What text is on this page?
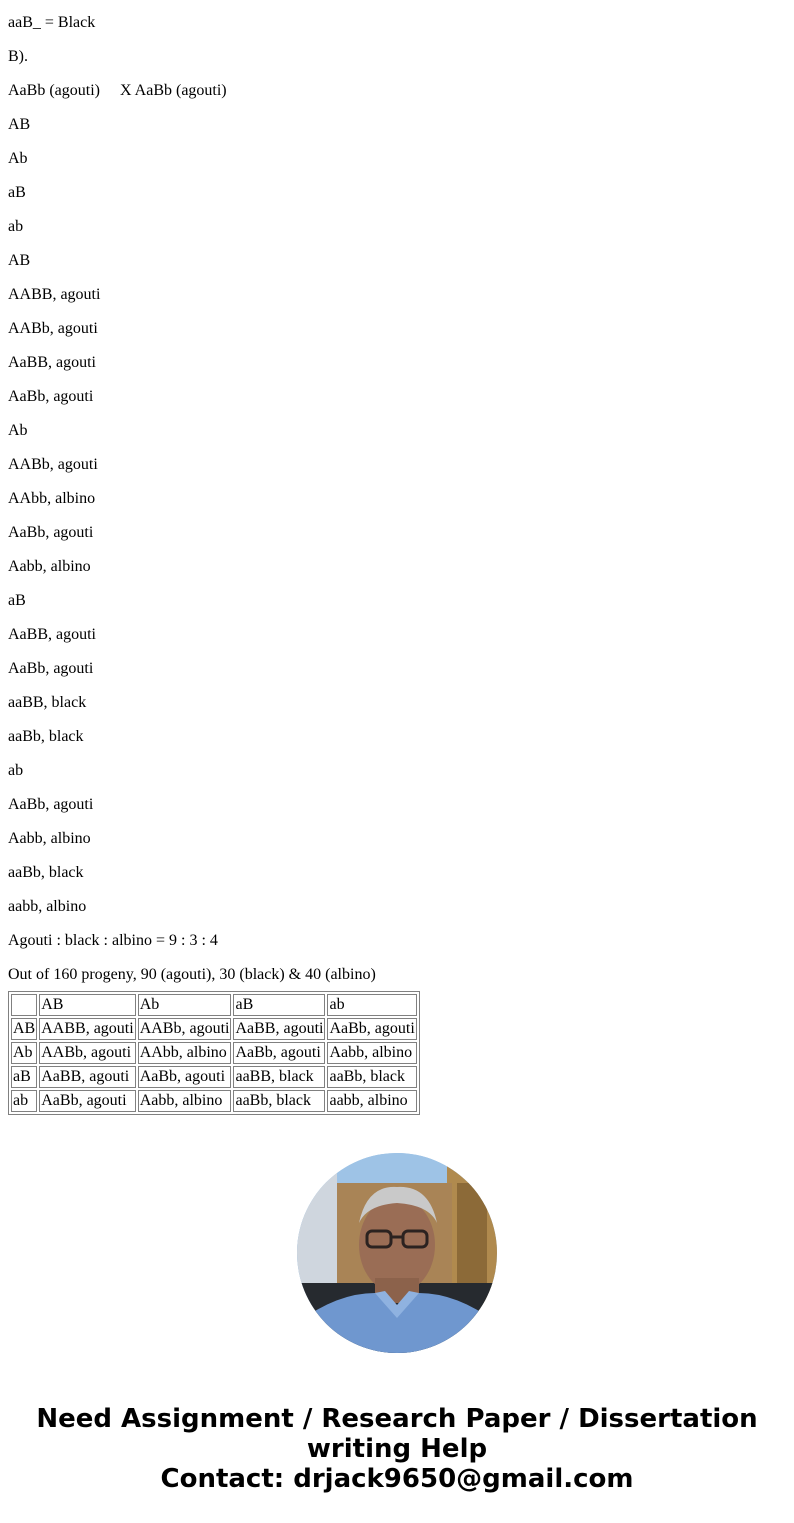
aaB_ = Black
B).
AaBb (agouti) X AaBb (agouti)
AB
Ab
aB
ab
AB
AABB, agouti
AABb, agouti
AaBB, agouti
AaBb, agouti
Ab
AABb, agouti
AAbb, albino
AaBb, agouti
Aabb, albino
aB
AaBB, agouti
AaBb, agouti
aaBB, black
aaBb, black
ab
AaBb, agouti
Aabb, albino
aaBb, black
aabb, albino
Agouti : black : albino = 9 : 3 : 4
Out of 160 progeny, 90 (agouti), 30 (black) & 40 (albino)
	AB	Ab	aB	ab
AB	AABB, agouti	AABb, agouti	AaBB, agouti	AaBb, agouti
Ab	AABb, agouti	AAbb, albino	AaBb, agouti	Aabb, albino
aB	AaBB, agouti	AaBb, agouti	aaBB, black	aaBb, black
ab	AaBb, agouti	Aabb, albino	aaBb, black	aabb, albino
Need Assignment / Research Paper / Dissertation
writing Help
Contact: drjack9650@gmail.com
